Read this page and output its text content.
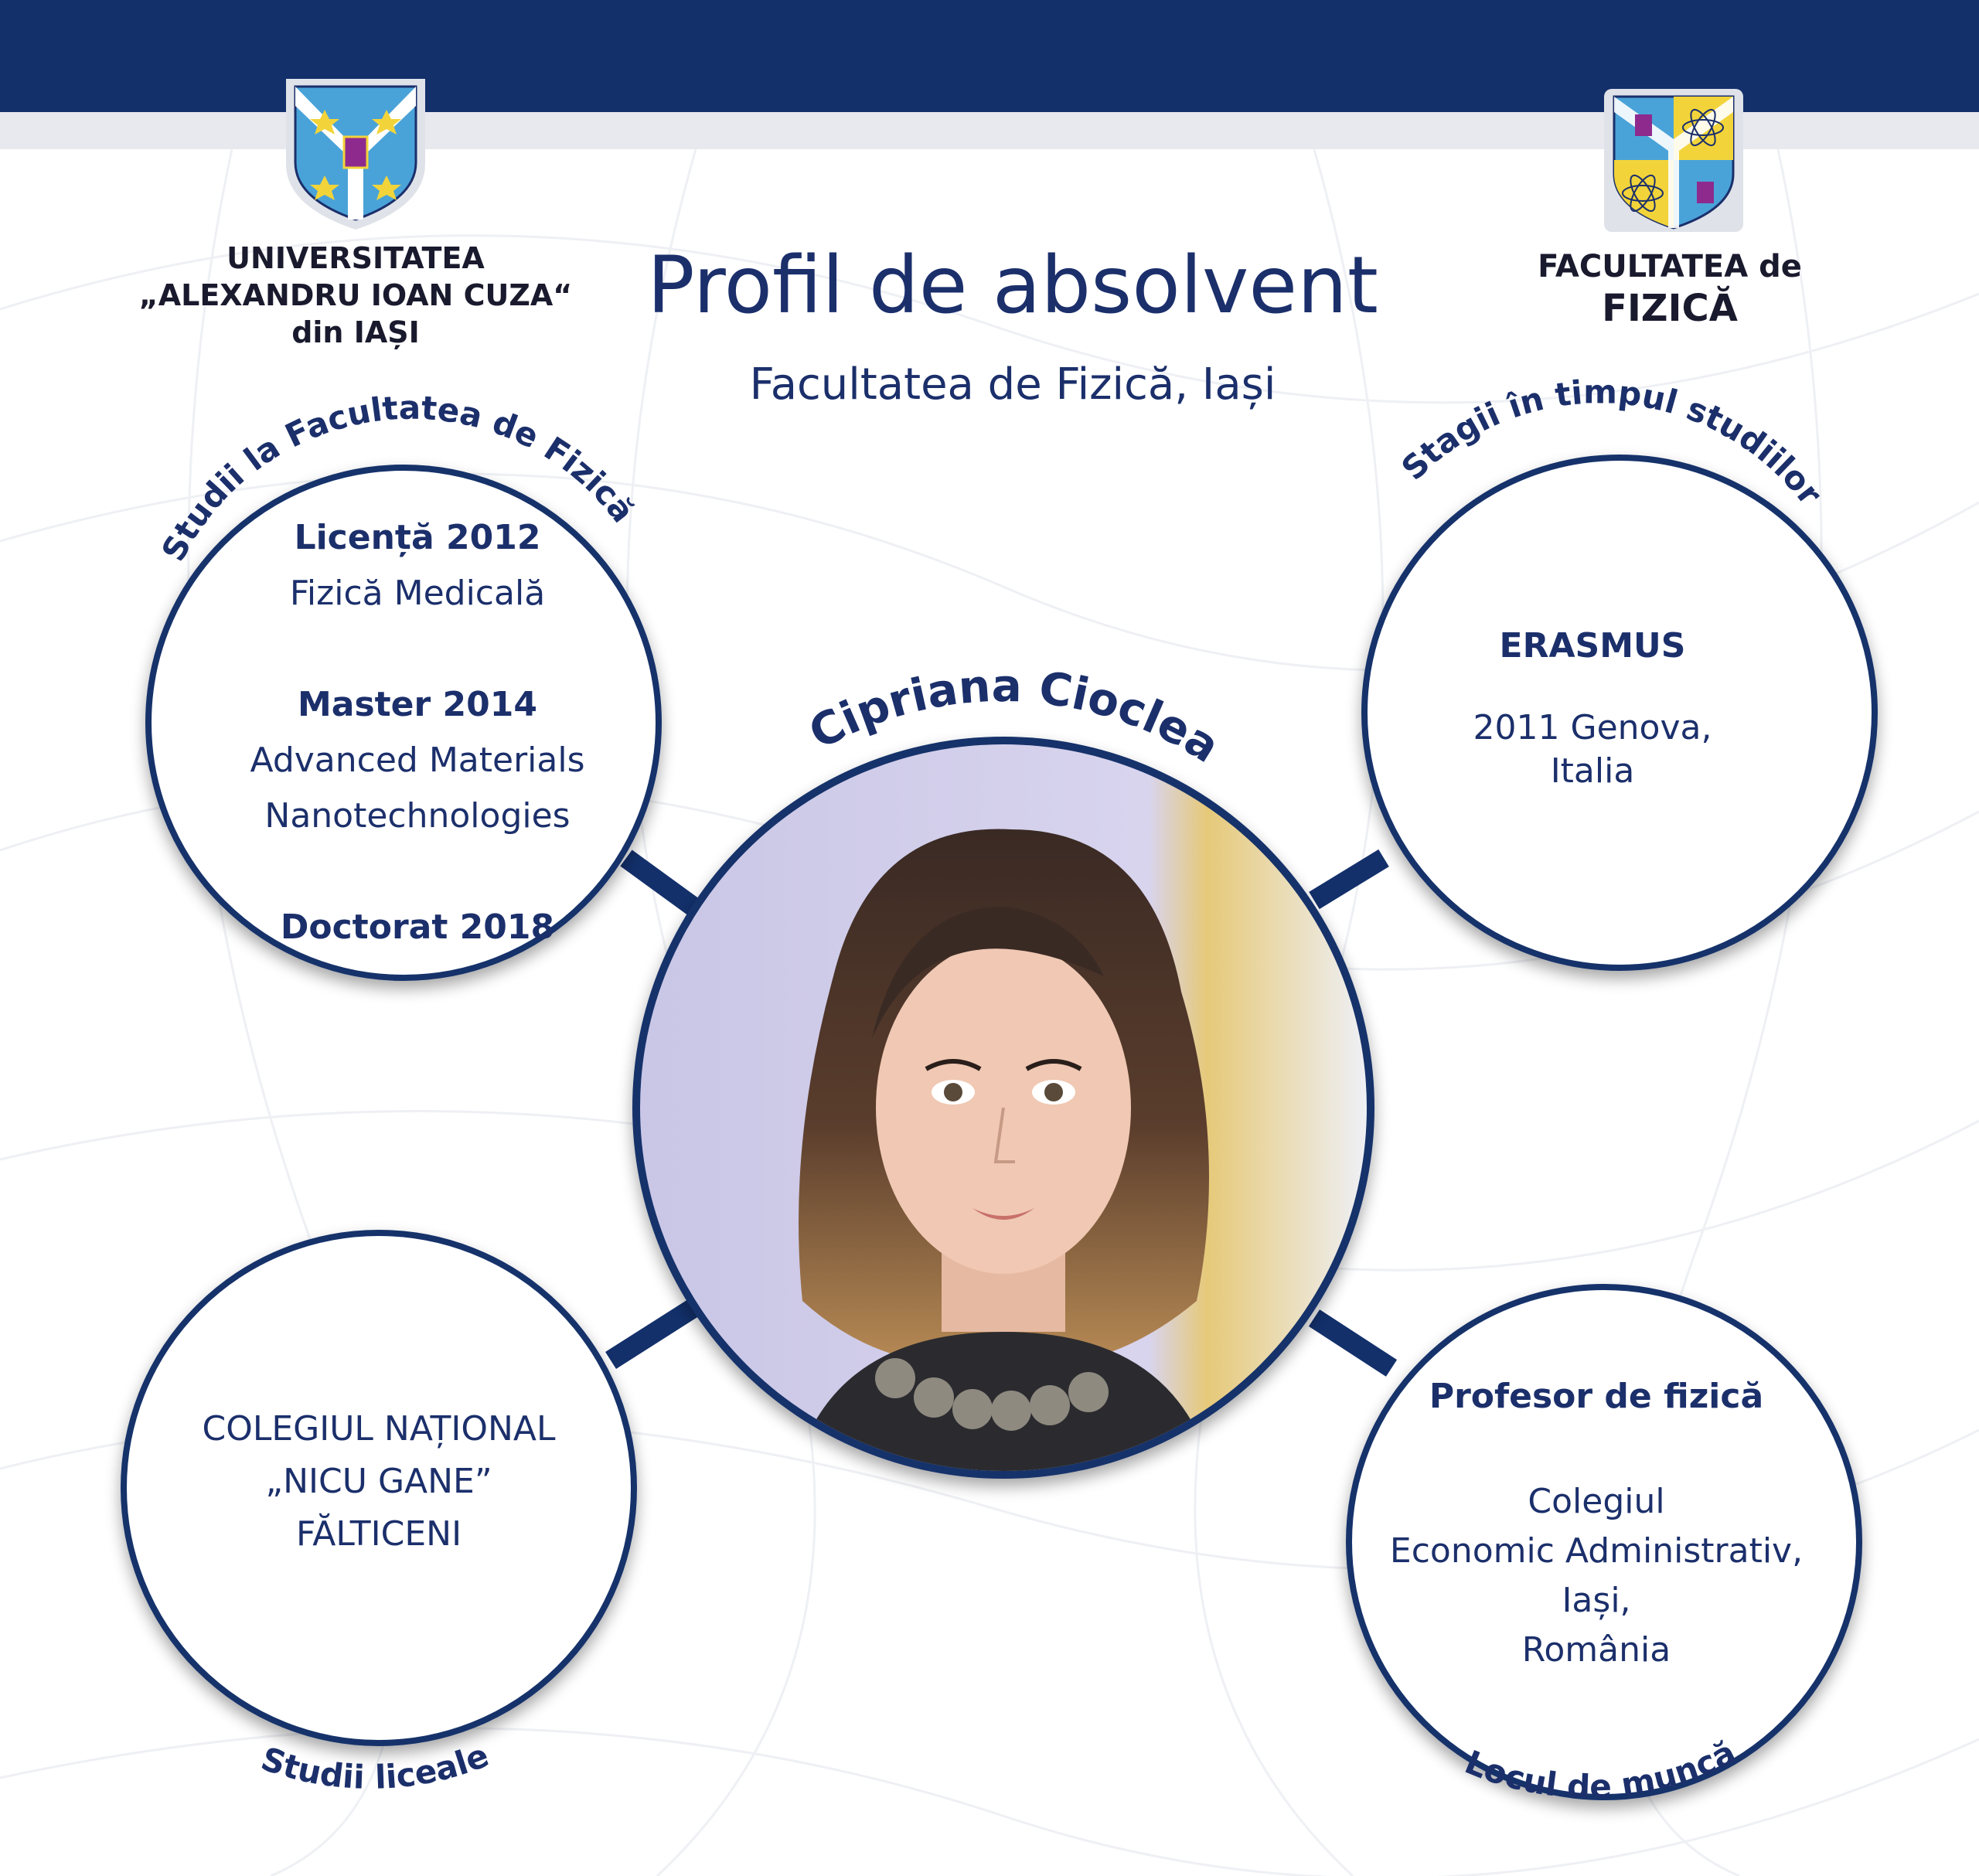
UNIVERSITATEA
„ALEXANDRU IOAN CUZA“
din IAȘI
FACULTATEA de
FIZICĂ
Profil de absolvent
Facultatea de Fizică, Iași
Studii la Facultatea de Fizică
Stagii în timpul studiilor
Cipriana Cioclea
Studii liceale	Locul de muncă
Licență 2012
Fizică Medicală
Master 2014
Advanced Materials
Nanotechnologies
Doctorat 2018
ERASMUS
2011 Genova,
Italia
COLEGIUL NAȚIONAL
„NICU GANE”
FĂLTICENI
Profesor de fizică
Colegiul
Economic Administrativ,
Iași,
România
